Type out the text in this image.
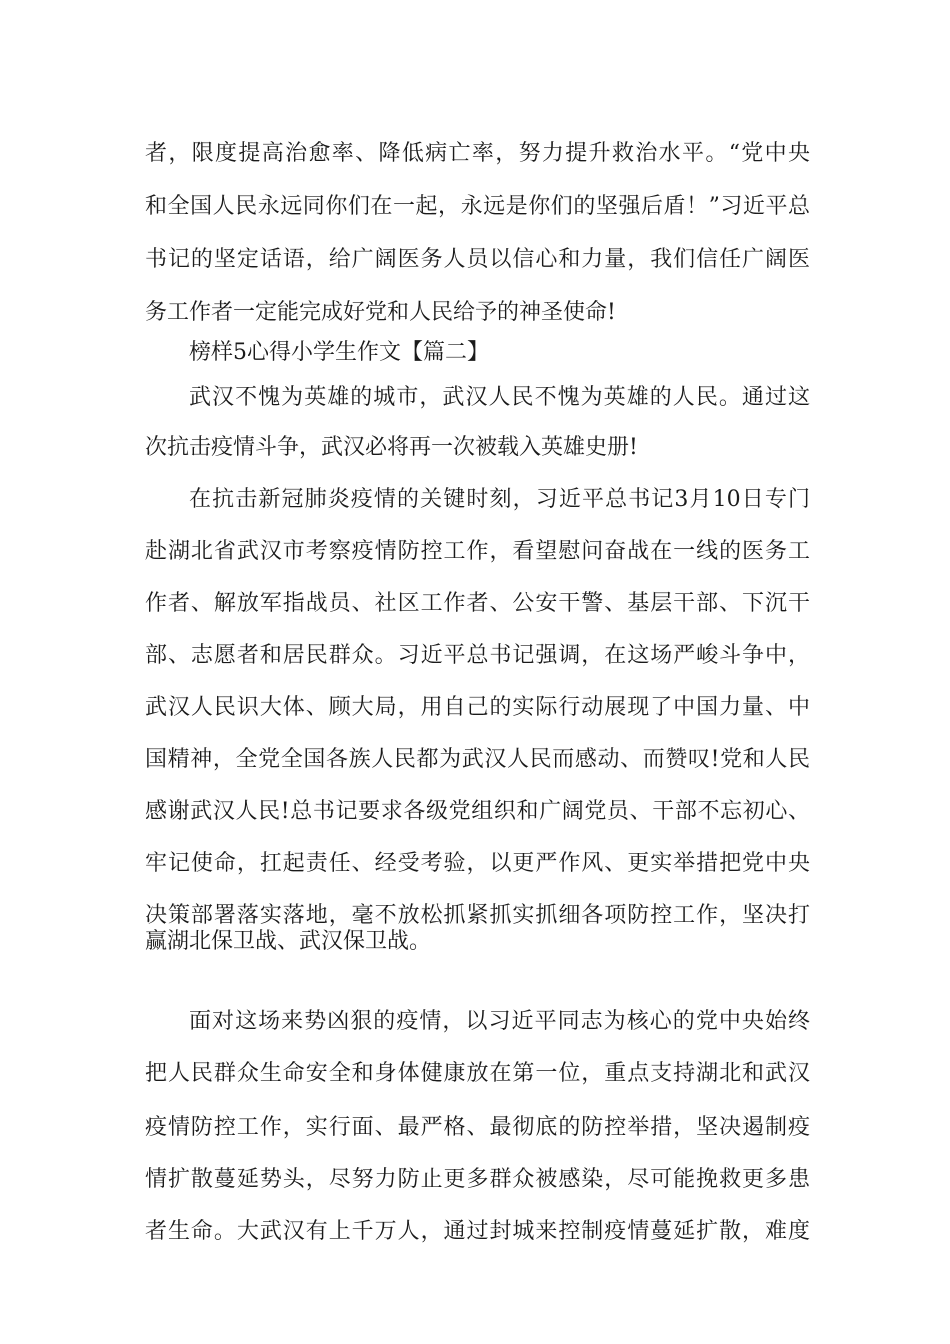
者，限度提高治愈率、降低病亡率，努力提升救治水平。“党中央
和全国人民永远同你们在一起，永远是你们的坚强后盾！”习近平总
书记的坚定话语，给广阔医务人员以信心和力量，我们信任广阔医
务工作者一定能完成好党和人民给予的神圣使命!
榜样5心得小学生作文【篇二】
武汉不愧为英雄的城市，武汉人民不愧为英雄的人民。通过这
次抗击疫情斗争，武汉必将再一次被载入英雄史册!
在抗击新冠肺炎疫情的关键时刻，习近平总书记3月10日专门
赴湖北省武汉市考察疫情防控工作，看望慰问奋战在一线的医务工
作者、解放军指战员、社区工作者、公安干警、基层干部、下沉干
部、志愿者和居民群众。习近平总书记强调，在这场严峻斗争中，
武汉人民识大体、顾大局，用自己的实际行动展现了中国力量、中
国精神，全党全国各族人民都为武汉人民而感动、而赞叹!党和人民
感谢武汉人民!总书记要求各级党组织和广阔党员、干部不忘初心、
牢记使命，扛起责任、经受考验，以更严作风、更实举措把党中央
决策部署落实落地，毫不放松抓紧抓实抓细各项防控工作，坚决打
赢湖北保卫战、武汉保卫战。
面对这场来势凶狠的疫情，以习近平同志为核心的党中央始终
把人民群众生命安全和身体健康放在第一位，重点支持湖北和武汉
疫情防控工作，实行面、最严格、最彻底的防控举措，坚决遏制疫
情扩散蔓延势头，尽努力防止更多群众被感染，尽可能挽救更多患
者生命。大武汉有上千万人，通过封城来控制疫情蔓延扩散，难度
